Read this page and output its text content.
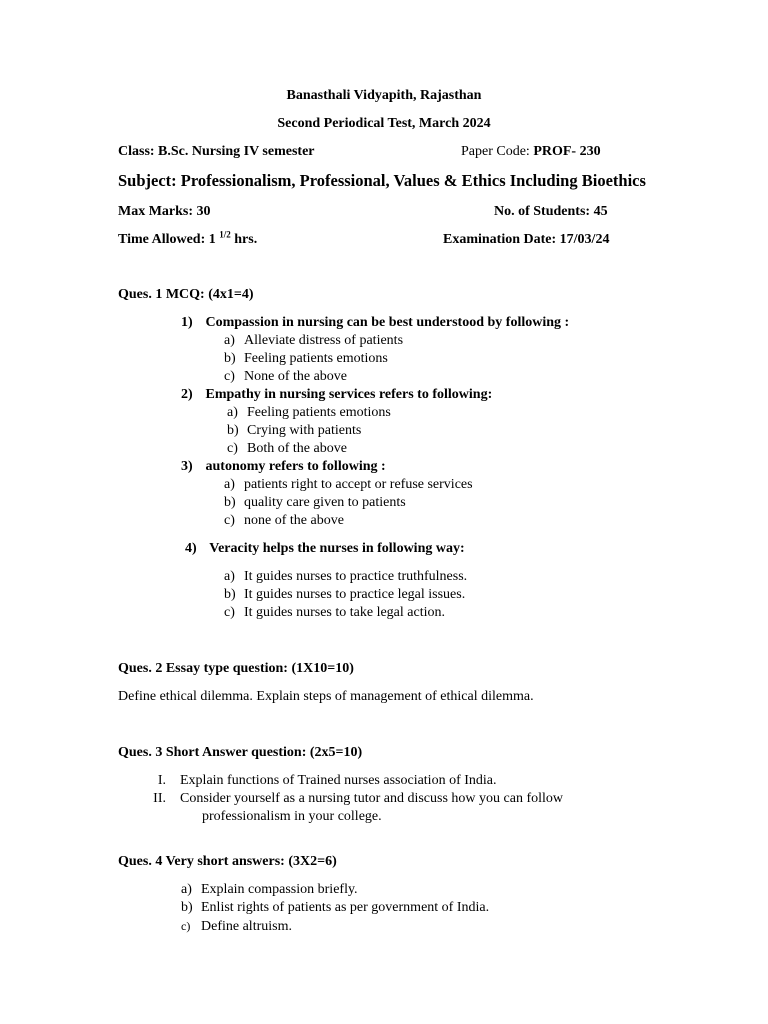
Banasthali Vidyapith, Rajasthan
Second Periodical Test, March 2024
Class: B.Sc. Nursing IV semester	Paper Code: PROF- 230
Subject: Professionalism, Professional, Values & Ethics Including Bioethics
Max Marks: 30	No. of Students: 45
Time Allowed: 1 $^{1/2}$ hrs.	Examination Date: 17/03/24
Ques. 1 MCQ: (4x1=4)
1) Compassion in nursing can be best understood by following :
a) Alleviate distress of patients
b) Feeling patients emotions
c) None of the above
2) Empathy in nursing services refers to following:
a) Feeling patients emotions
b) Crying with patients
c) Both of the above
3) autonomy refers to following :
a) patients right to accept or refuse services
b) quality care given to patients
c) none of the above
4) Veracity helps the nurses in following way:
a) It guides nurses to practice truthfulness.
b) It guides nurses to practice legal issues.
c) It guides nurses to take legal action.
Ques. 2 Essay type question: (1X10=10)
Define ethical dilemma. Explain steps of management of ethical dilemma.
Ques. 3 Short Answer question: (2x5=10)
I. Explain functions of Trained nurses association of India.
II. Consider yourself as a nursing tutor and discuss how you can follow
professionalism in your college.
Ques. 4 Very short answers: (3X2=6)
a) Explain compassion briefly.
b) Enlist rights of patients as per government of India.
c) Define altruism.
